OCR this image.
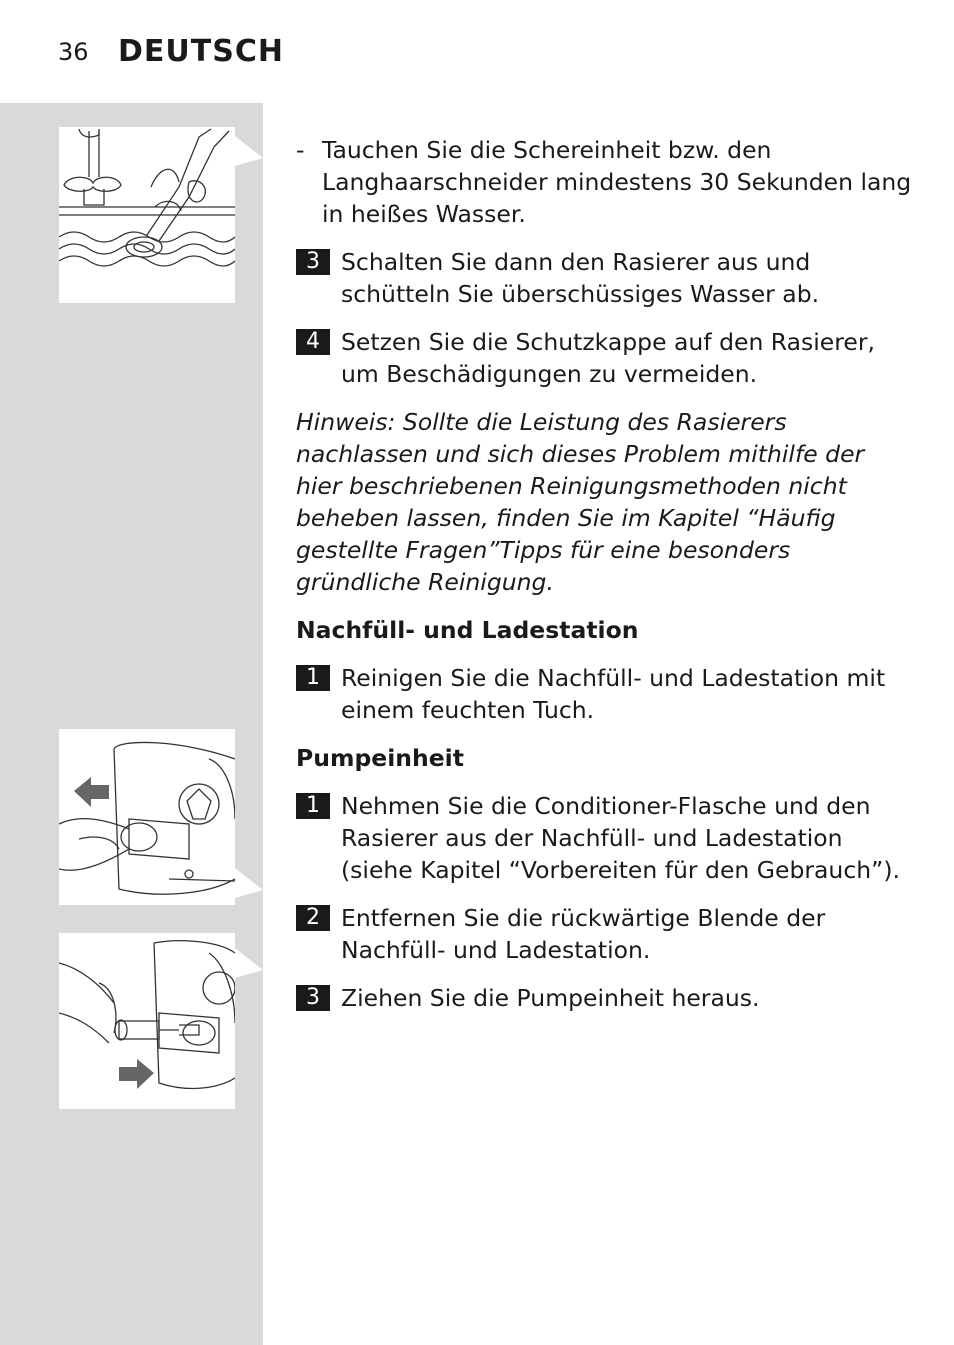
36 DEUTSCH
- Tauchen Sie die Schereinheit bzw. den Langhaarschneider mindestens 30 Sekunden lang in heißes Wasser.
3 Schalten Sie dann den Rasierer aus und schütteln Sie überschüssiges Wasser ab.
4 Setzen Sie die Schutzkappe auf den Rasierer, um Beschädigungen zu vermeiden.
Hinweis: Sollte die Leistung des Rasierers nachlassen und sich dieses Problem mithilfe der hier beschriebenen Reinigungsmethoden nicht beheben lassen, finden Sie im Kapitel “Häufig gestellte Fragen”Tipps für eine besonders gründliche Reinigung.
Nachfüll- und Ladestation
1 Reinigen Sie die Nachfüll- und Ladestation mit einem feuchten Tuch.
Pumpeinheit
1 Nehmen Sie die Conditioner-Flasche und den Rasierer aus der Nachfüll- und Ladestation (siehe Kapitel “Vorbereiten für den Gebrauch”).
2 Entfernen Sie die rückwärtige Blende der Nachfüll- und Ladestation.
3 Ziehen Sie die Pumpeinheit heraus.
